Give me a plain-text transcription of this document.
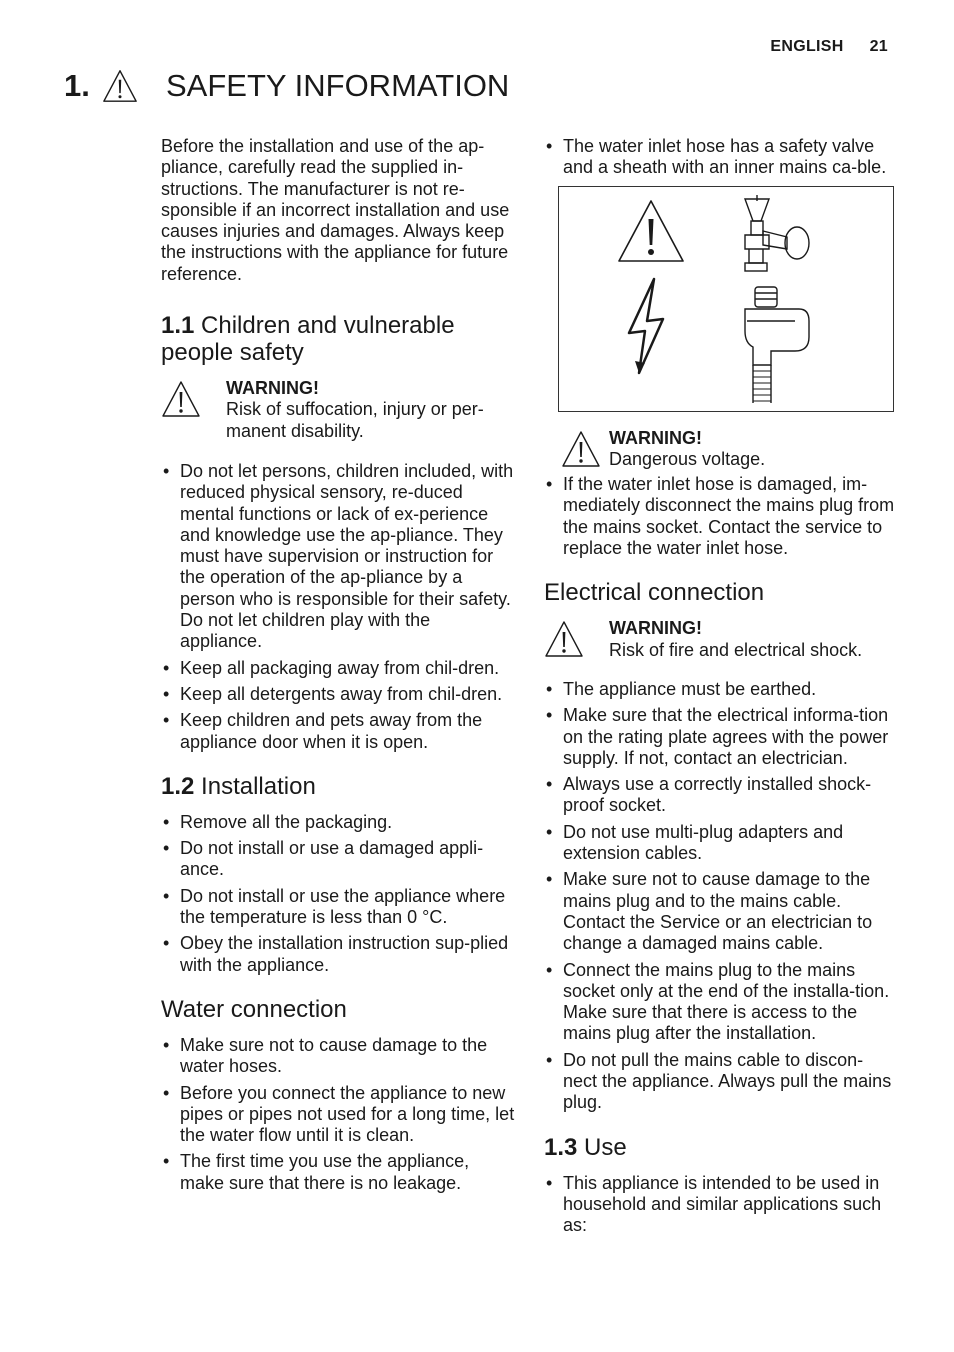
ENGLISH 21
1. SAFETY INFORMATION

Before the installation and use of the ap-pliance, carefully read the supplied in-structions. The manufacturer is not re-sponsible if an incorrect installation and use causes injuries and damages. Always keep the instructions with the appliance for future reference.

1.1 Children and vulnerable people safety
WARNING!
Risk of suffocation, injury or per-manent disability.
• Do not let persons, children included, with reduced physical sensory, re-duced mental functions or lack of ex-perience and knowledge use the ap-pliance. They must have supervision or instruction for the operation of the ap-pliance by a person who is responsible for their safety. Do not let children play with the appliance.
• Keep all packaging away from chil-dren.
• Keep all detergents away from chil-dren.
• Keep children and pets away from the appliance door when it is open.
1.2 Installation
• Remove all the packaging.
• Do not install or use a damaged appli-ance.
• Do not install or use the appliance where the temperature is less than 0 °C.
• Obey the installation instruction sup-plied with the appliance.
Water connection
• Make sure not to cause damage to the water hoses.
• Before you connect the appliance to new pipes or pipes not used for a long time, let the water flow until it is clean.
• The first time you use the appliance, make sure that there is no leakage.
• The water inlet hose has a safety valve and a sheath with an inner mains ca-ble.
WARNING!
Dangerous voltage.
• If the water inlet hose is damaged, im-mediately disconnect the mains plug from the mains socket. Contact the service to replace the water inlet hose.
Electrical connection
WARNING!
Risk of fire and electrical shock.
• The appliance must be earthed.
• Make sure that the electrical informa-tion on the rating plate agrees with the power supply. If not, contact an electrician.
• Always use a correctly installed shock-proof socket.
• Do not use multi-plug adapters and extension cables.
• Make sure not to cause damage to the mains plug and to the mains cable. Contact the Service or an electrician to change a damaged mains cable.
• Connect the mains plug to the mains socket only at the end of the installa-tion. Make sure that there is access to the mains plug after the installation.
• Do not pull the mains cable to discon-nect the appliance. Always pull the mains plug.
1.3 Use
• This appliance is intended to be used in household and similar applications such as:
